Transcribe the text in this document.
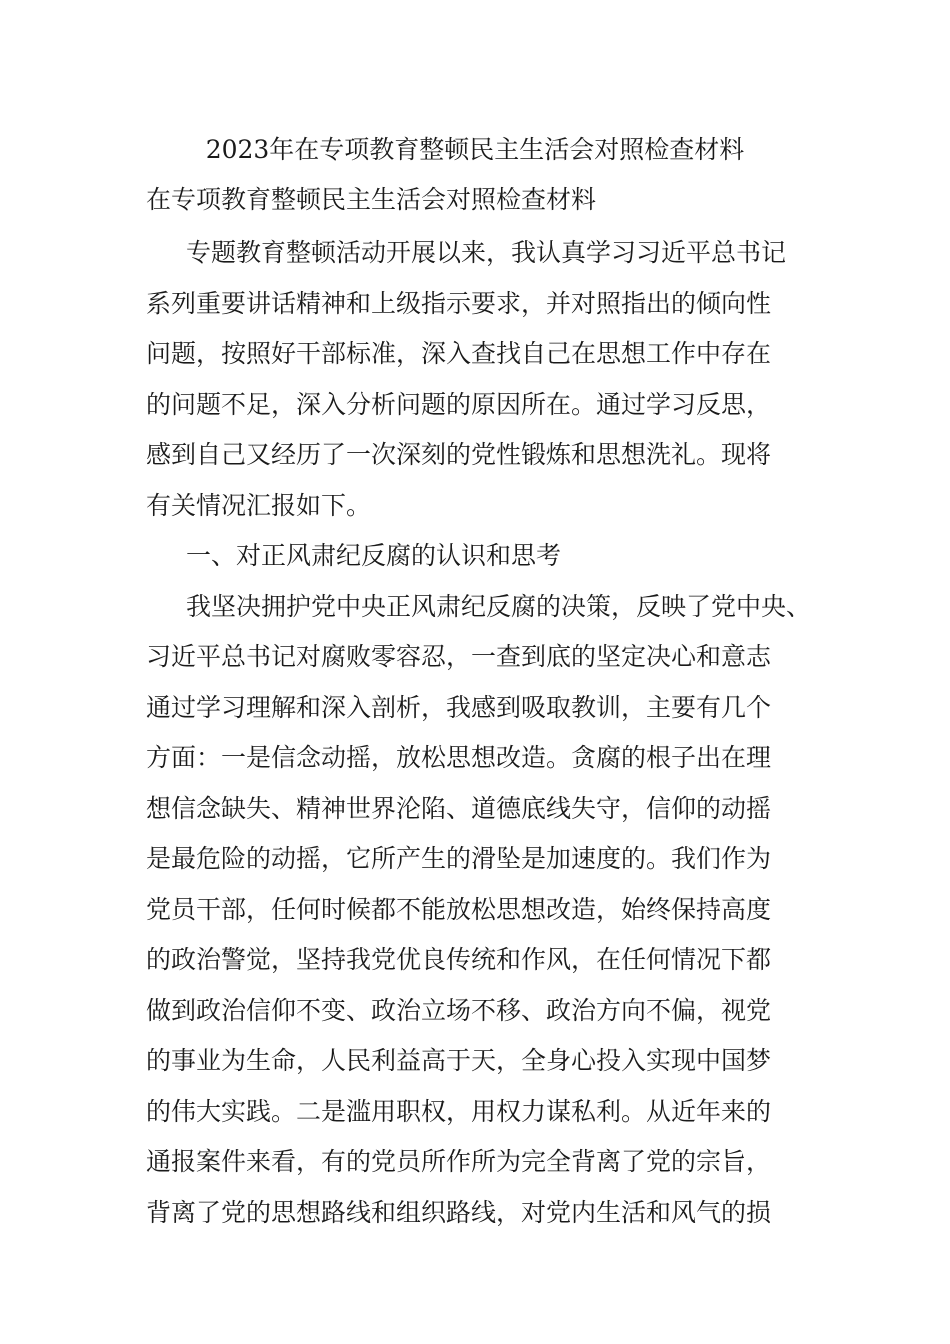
2023年在专项教育整顿民主生活会对照检查材料
在专项教育整顿民主生活会对照检查材料
专题教育整顿活动开展以来，我认真学习习近平总书记
系列重要讲话精神和上级指示要求，并对照指出的倾向性
问题，按照好干部标准，深入查找自己在思想工作中存在
的问题不足，深入分析问题的原因所在。通过学习反思，
感到自己又经历了一次深刻的党性锻炼和思想洗礼。现将
有关情况汇报如下。
一、对正风肃纪反腐的认识和思考
我坚决拥护党中央正风肃纪反腐的决策，反映了党中央、
习近平总书记对腐败零容忍，一查到底的坚定决心和意志
通过学习理解和深入剖析，我感到吸取教训，主要有几个
方面：一是信念动摇，放松思想改造。贪腐的根子出在理
想信念缺失、精神世界沦陷、道德底线失守，信仰的动摇
是最危险的动摇，它所产生的滑坠是加速度的。我们作为
党员干部，任何时候都不能放松思想改造，始终保持高度
的政治警觉，坚持我党优良传统和作风，在任何情况下都
做到政治信仰不变、政治立场不移、政治方向不偏，视党
的事业为生命，人民利益高于天，全身心投入实现中国梦
的伟大实践。二是滥用职权，用权力谋私利。从近年来的
通报案件来看，有的党员所作所为完全背离了党的宗旨，
背离了党的思想路线和组织路线，对党内生活和风气的损
